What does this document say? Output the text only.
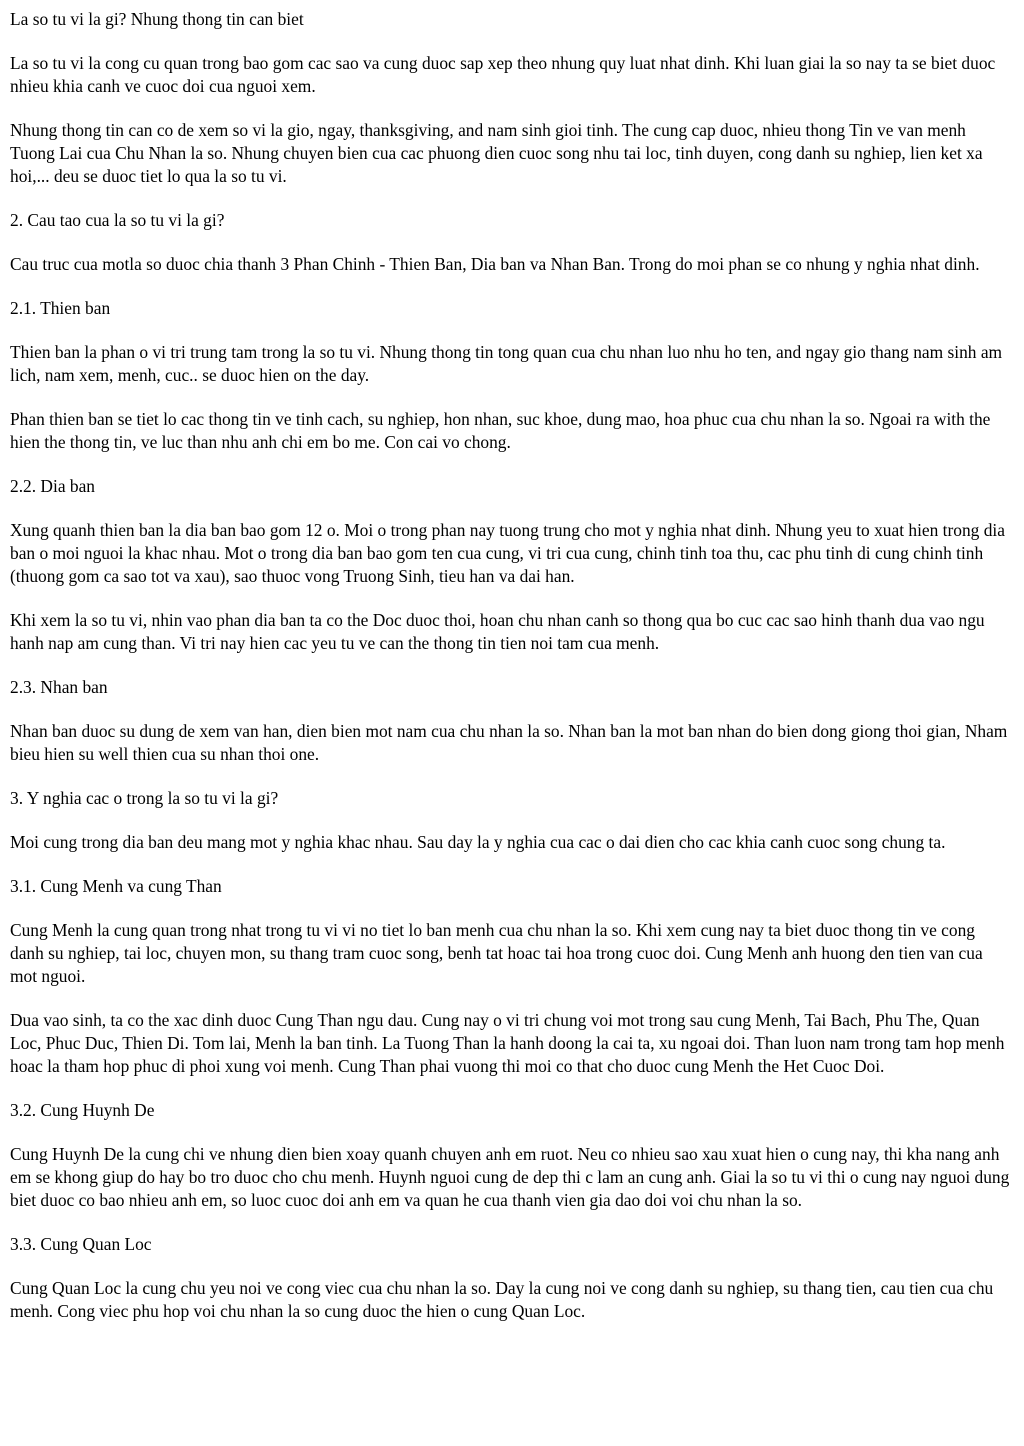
La so tu vi la gi? Nhung thong tin can biet

La so tu vi la cong cu quan trong bao gom cac sao va cung duoc sap xep theo nhung quy luat nhat dinh. Khi luan giai la so nay ta se biet duoc nhieu khia canh ve cuoc doi cua nguoi xem.

Nhung thong tin can co de xem so vi la gio, ngay, thanksgiving, and nam sinh gioi tinh. The cung cap duoc, nhieu thong Tin ve van menh Tuong Lai cua Chu Nhan la so. Nhung chuyen bien cua cac phuong dien cuoc song nhu tai loc, tinh duyen, cong danh su nghiep, lien ket xa hoi,... deu se duoc tiet lo qua la so tu vi.

2. Cau tao cua la so tu vi la gi?

Cau truc cua motla so duoc chia thanh 3 Phan Chinh - Thien Ban, Dia ban va Nhan Ban. Trong do moi phan se co nhung y nghia nhat dinh.

2.1. Thien ban

Thien ban la phan o vi tri trung tam trong la so tu vi. Nhung thong tin tong quan cua chu nhan luo nhu ho ten, and ngay gio thang nam sinh am lich, nam xem, menh, cuc.. se duoc hien on the day.

Phan thien ban se tiet lo cac thong tin ve tinh cach, su nghiep, hon nhan, suc khoe, dung mao, hoa phuc cua chu nhan la so. Ngoai ra with the hien the thong tin, ve luc than nhu anh chi em bo me. Con cai vo chong.

2.2. Dia ban

Xung quanh thien ban la dia ban bao gom 12 o. Moi o trong phan nay tuong trung cho mot y nghia nhat dinh. Nhung yeu to xuat hien trong dia ban o moi nguoi la khac nhau. Mot o trong dia ban bao gom ten cua cung, vi tri cua cung, chinh tinh toa thu, cac phu tinh di cung chinh tinh (thuong gom ca sao tot va xau), sao thuoc vong Truong Sinh, tieu han va dai han.

Khi xem la so tu vi, nhin vao phan dia ban ta co the Doc duoc thoi, hoan chu nhan canh so thong qua bo cuc cac sao hinh thanh dua vao ngu hanh nap am cung than. Vi tri nay hien cac yeu tu ve can the thong tin tien noi tam cua menh.

2.3. Nhan ban

Nhan ban duoc su dung de xem van han, dien bien mot nam cua chu nhan la so. Nhan ban la mot ban nhan do bien dong giong thoi gian, Nham bieu hien su well thien cua su nhan thoi one.

3. Y nghia cac o trong la so tu vi la gi?

Moi cung trong dia ban deu mang mot y nghia khac nhau. Sau day la y nghia cua cac o dai dien cho cac khia canh cuoc song chung ta.

3.1. Cung Menh va cung Than

Cung Menh la cung quan trong nhat trong tu vi vi no tiet lo ban menh cua chu nhan la so. Khi xem cung nay ta biet duoc thong tin ve cong danh su nghiep, tai loc, chuyen mon, su thang tram cuoc song, benh tat hoac tai hoa trong cuoc doi. Cung Menh anh huong den tien van cua mot nguoi.

Dua vao sinh, ta co the xac dinh duoc Cung Than ngu dau. Cung nay o vi tri chung voi mot trong sau cung Menh, Tai Bach, Phu The, Quan Loc, Phuc Duc, Thien Di. Tom lai, Menh la ban tinh. La Tuong Than la hanh doong la cai ta, xu ngoai doi. Than luon nam trong tam hop menh hoac la tham hop phuc di phoi xung voi menh. Cung Than phai vuong thi moi co that cho duoc cung Menh the Het Cuoc Doi.

3.2. Cung Huynh De

Cung Huynh De la cung chi ve nhung dien bien xoay quanh chuyen anh em ruot. Neu co nhieu sao xau xuat hien o cung nay, thi kha nang anh em se khong giup do hay bo tro duoc cho chu menh. Huynh nguoi cung de dep thi c lam an cung anh. Giai la so tu vi thi o cung nay nguoi dung biet duoc co bao nhieu anh em, so luoc cuoc doi anh em va quan he cua thanh vien gia dao doi voi chu nhan la so.

3.3. Cung Quan Loc

Cung Quan Loc la cung chu yeu noi ve cong viec cua chu nhan la so. Day la cung noi ve cong danh su nghiep, su thang tien, cau tien cua chu menh. Cong viec phu hop voi chu nhan la so cung duoc the hien o cung Quan Loc.
